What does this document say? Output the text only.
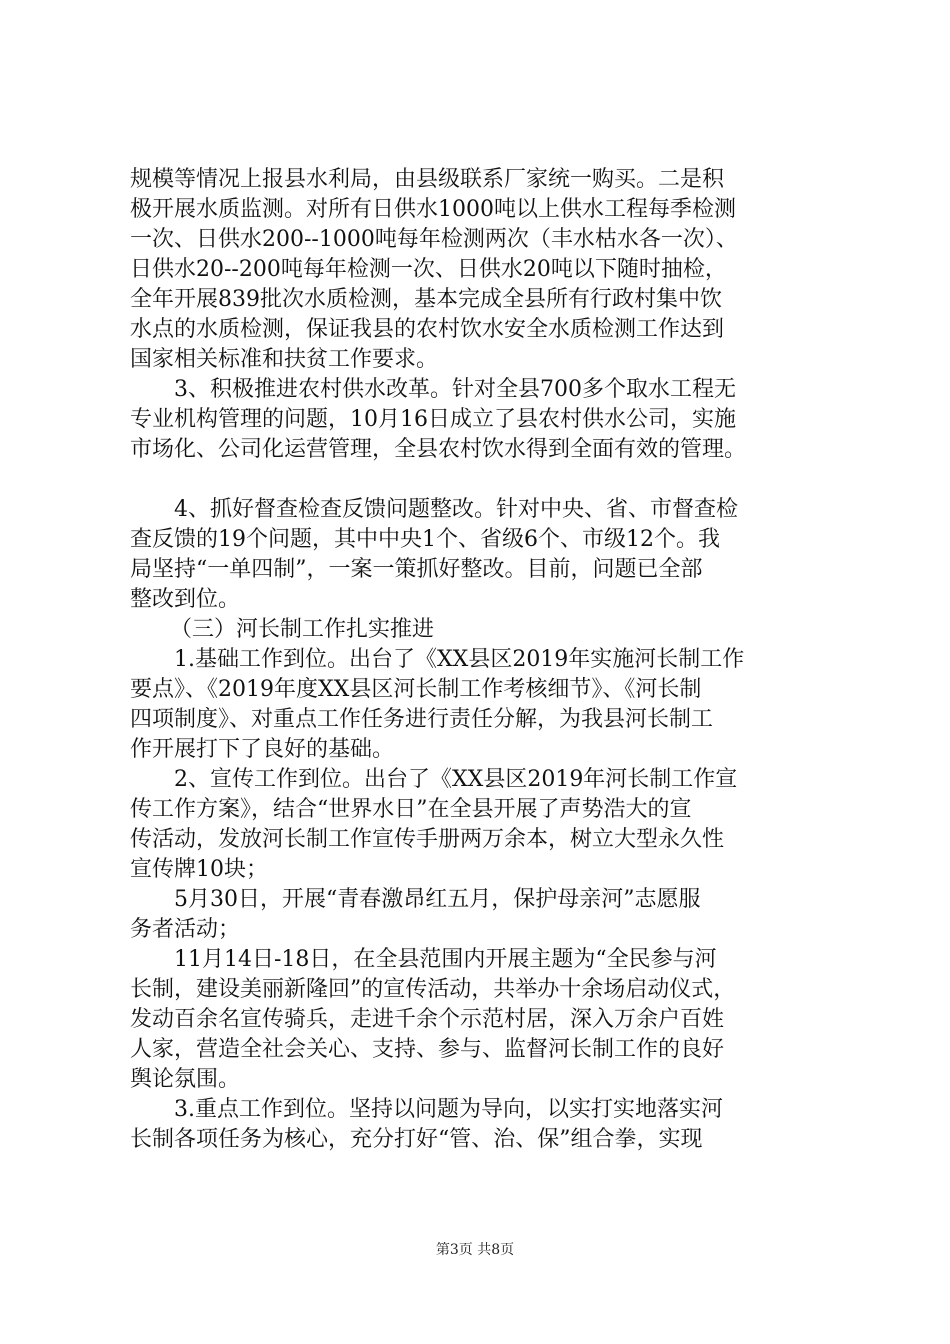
规模等情况上报县水利局，由县级联系厂家统一购买。二是积
极开展水质监测。对所有日供水1000吨以上供水工程每季检测
一次、日供水200--1000吨每年检测两次（丰水枯水各一次）、
日供水20--200吨每年检测一次、日供水20吨以下随时抽检，
全年开展839批次水质检测，基本完成全县所有行政村集中饮
水点的水质检测，保证我县的农村饮水安全水质检测工作达到
国家相关标准和扶贫工作要求。
3、积极推进农村供水改革。针对全县700多个取水工程无
专业机构管理的问题，10月16日成立了县农村供水公司，实施
市场化、公司化运营管理，全县农村饮水得到全面有效的管理。
4、抓好督查检查反馈问题整改。针对中央、省、市督查检
查反馈的19个问题，其中中央1个、省级6个、市级12个。我
局坚持“一单四制”，一案一策抓好整改。目前，问题已全部
整改到位。
（三）河长制工作扎实推进
1.基础工作到位。出台了《XX县区2019年实施河长制工作
要点》、《2019年度XX县区河长制工作考核细节》、《河长制
四项制度》、对重点工作任务进行责任分解，为我县河长制工
作开展打下了良好的基础。
2、宣传工作到位。出台了《XX县区2019年河长制工作宣
传工作方案》，结合“世界水日”在全县开展了声势浩大的宣
传活动，发放河长制工作宣传手册两万余本，树立大型永久性
宣传牌10块；
5月30日，开展“青春激昂红五月，保护母亲河”志愿服
务者活动；
11月14日-18日，在全县范围内开展主题为“全民参与河
长制，建设美丽新隆回”的宣传活动，共举办十余场启动仪式，
发动百余名宣传骑兵，走进千余个示范村居，深入万余户百姓
人家，营造全社会关心、支持、参与、监督河长制工作的良好
舆论氛围。
3.重点工作到位。坚持以问题为导向，以实打实地落实河
长制各项任务为核心，充分打好“管、治、保”组合拳，实现
第3页 共8页
